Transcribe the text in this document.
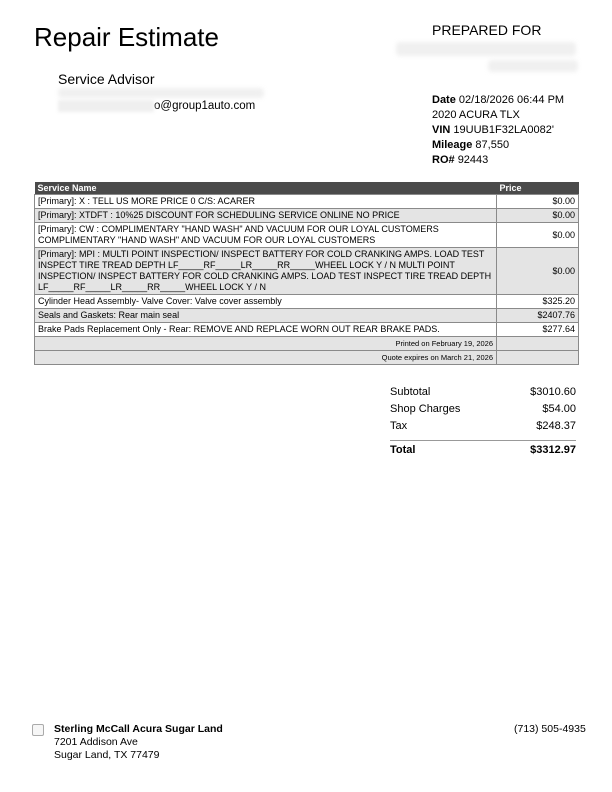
Repair Estimate	PREPARED FOR
Service Advisor
o@group1auto.com
Date 02/18/2026 06:44 PM
2020 ACURA TLX
VIN 19UUB1F32LA0082'
Mileage 87,550
RO# 92443
Service Name	Price
[Primary]: X : TELL US MORE PRICE 0 C/S: ACARER	$0.00
[Primary]: XTDFT : 10%25 DISCOUNT FOR SCHEDULING SERVICE ONLINE NO PRICE	$0.00
[Primary]: CW : COMPLIMENTARY "HAND WASH" AND VACUUM FOR OUR LOYAL CUSTOMERS COMPLIMENTARY "HAND WASH" AND VACUUM FOR OUR LOYAL CUSTOMERS	$0.00
[Primary]: MPI : MULTI POINT INSPECTION/ INSPECT BATTERY FOR COLD CRANKING AMPS. LOAD TEST INSPECT TIRE TREAD DEPTH LF_____RF_____LR_____RR_____WHEEL LOCK Y / N MULTI POINT INSPECTION/ INSPECT BATTERY FOR COLD CRANKING AMPS. LOAD TEST INSPECT TIRE TREAD DEPTH LF_____RF_____LR_____RR_____WHEEL LOCK Y / N	$0.00
Cylinder Head Assembly- Valve Cover: Valve cover assembly	$325.20
Seals and Gaskets: Rear main seal	$2407.76
Brake Pads Replacement Only - Rear: REMOVE AND REPLACE WORN OUT REAR BRAKE PADS.	$277.64
Printed on February 19, 2026	
Quote expires on March 21, 2026	
Subtotal	$3010.60
Shop Charges	$54.00
Tax	$248.37
Total	$3312.97
Sterling McCall Acura Sugar Land
7201 Addison Ave
Sugar Land, TX 77479
(713) 505-4935
